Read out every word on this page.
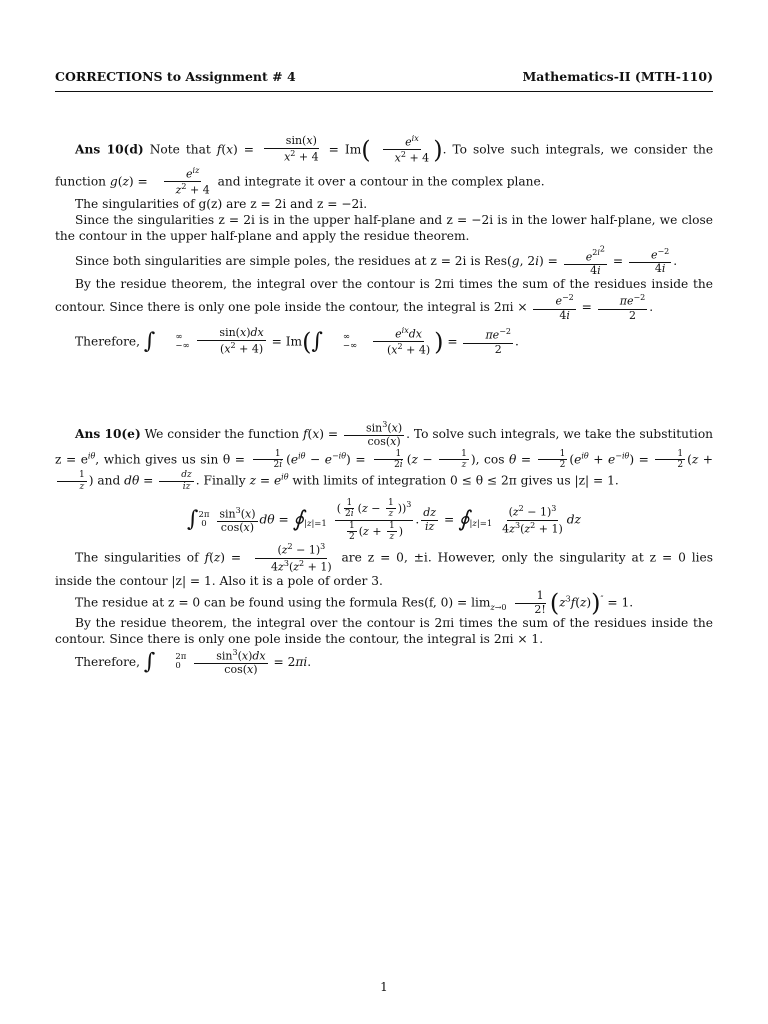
CORRECTIONS to Assignment # 4	Mathematics-II (MTH-110)

Ans 10(d) Note that $f(x) = \frac{\sin(x)}{x^2 + 4} = Im( \frac{e^{ix}}{x^2 + 4}$ ). To solve such integrals, we consider the function $g(z) = \frac{e^{iz}}{z^2 + 4}$ and integrate it over a contour in the complex plane.

The singularities of g(z) are z = 2i and z = −2i.

Since the singularities z = 2i is in the upper half-plane and z = −2i is in the lower half-plane, we close the contour in the upper half-plane and apply the residue theorem.

Since both singularities are simple poles, the residues at z = 2i is Res(g, $2i) = \frac{e^{2i^2}}{4i} = \frac{e^{-2}}{4i}$ .

By the residue theorem, the integral over the contour is 2πi times the sum of the residues inside the contour. Since there is only one pole inside the contour, the integral is $2\pi i \times \frac{e^{-2}}{4i} = \frac{\pi e^{-2}}{2}$ .

Therefore, ∫	∞
−∞
$\frac{\sin(x)dx}{(x^2 + 4)} = Im(\int$	∞
−∞
$\frac{e^{ix}dx}{(x^2 + 4)}$ ) = $\frac{\pi e^{-2}}{2}$ .

Ans 10(e) We consider the function $f(x) = \frac{\sin^3(x)}{\cos(x)}$ . To solve such integrals, we take the substitution $z = e^{i\theta}$, which gives us $\sin \theta = \frac{1}{2i} (e^{i\theta} - e^{-i\theta}) = \frac{1}{2i} (z - \frac{1}{z}$ ), $\cos \theta = \frac{1}{2} (e^{i\theta} + e^{-i\theta}) = \frac{1}{2} (z$ +
$\frac{1}{z}$ ) and $d\theta = \frac{dz}{iz}$ . Finally $z = e^{i\theta}$ with limits of integration 0 ≤ θ ≤ 2π gives us |z| = 1.

∫ 2π
0
$\frac{\sin^3(x)}{\cos(x)}$ dθ = ∮
|z|=1
$\frac{( \frac{1}{2i} (z - \frac{1}{z} ))^3}{\frac{1}{2} (z + \frac{1}{z} )}$ . $\frac{dz}{iz}$ = ∮
|z|=1
$\frac{(z^2 - 1)^3}{4z^3(z^2 + 1)}$ dz

The singularities of $f(z) = \frac{(z^2 - 1)^3}{4z^3(z^2 + 1)}$ are z = 0, ±i. However, only the singularity at z = 0 lies inside the contour |z| = 1. Also it is a pole of order 3.

The residue at z = 0 can be found using the formula Res(f, $0) = \lim_{z\to 0} \frac{1}{2!} (z^3f(z))'' = 1$.

By the residue theorem, the integral over the contour is 2πi times the sum of the residues inside the contour. Since there is only one pole inside the contour, the integral is 2πi × 1.

Therefore, ∫	2π
0
	$\frac{\sin^3(x)dx}{\cos(x)} = 2\pi i$.

1
